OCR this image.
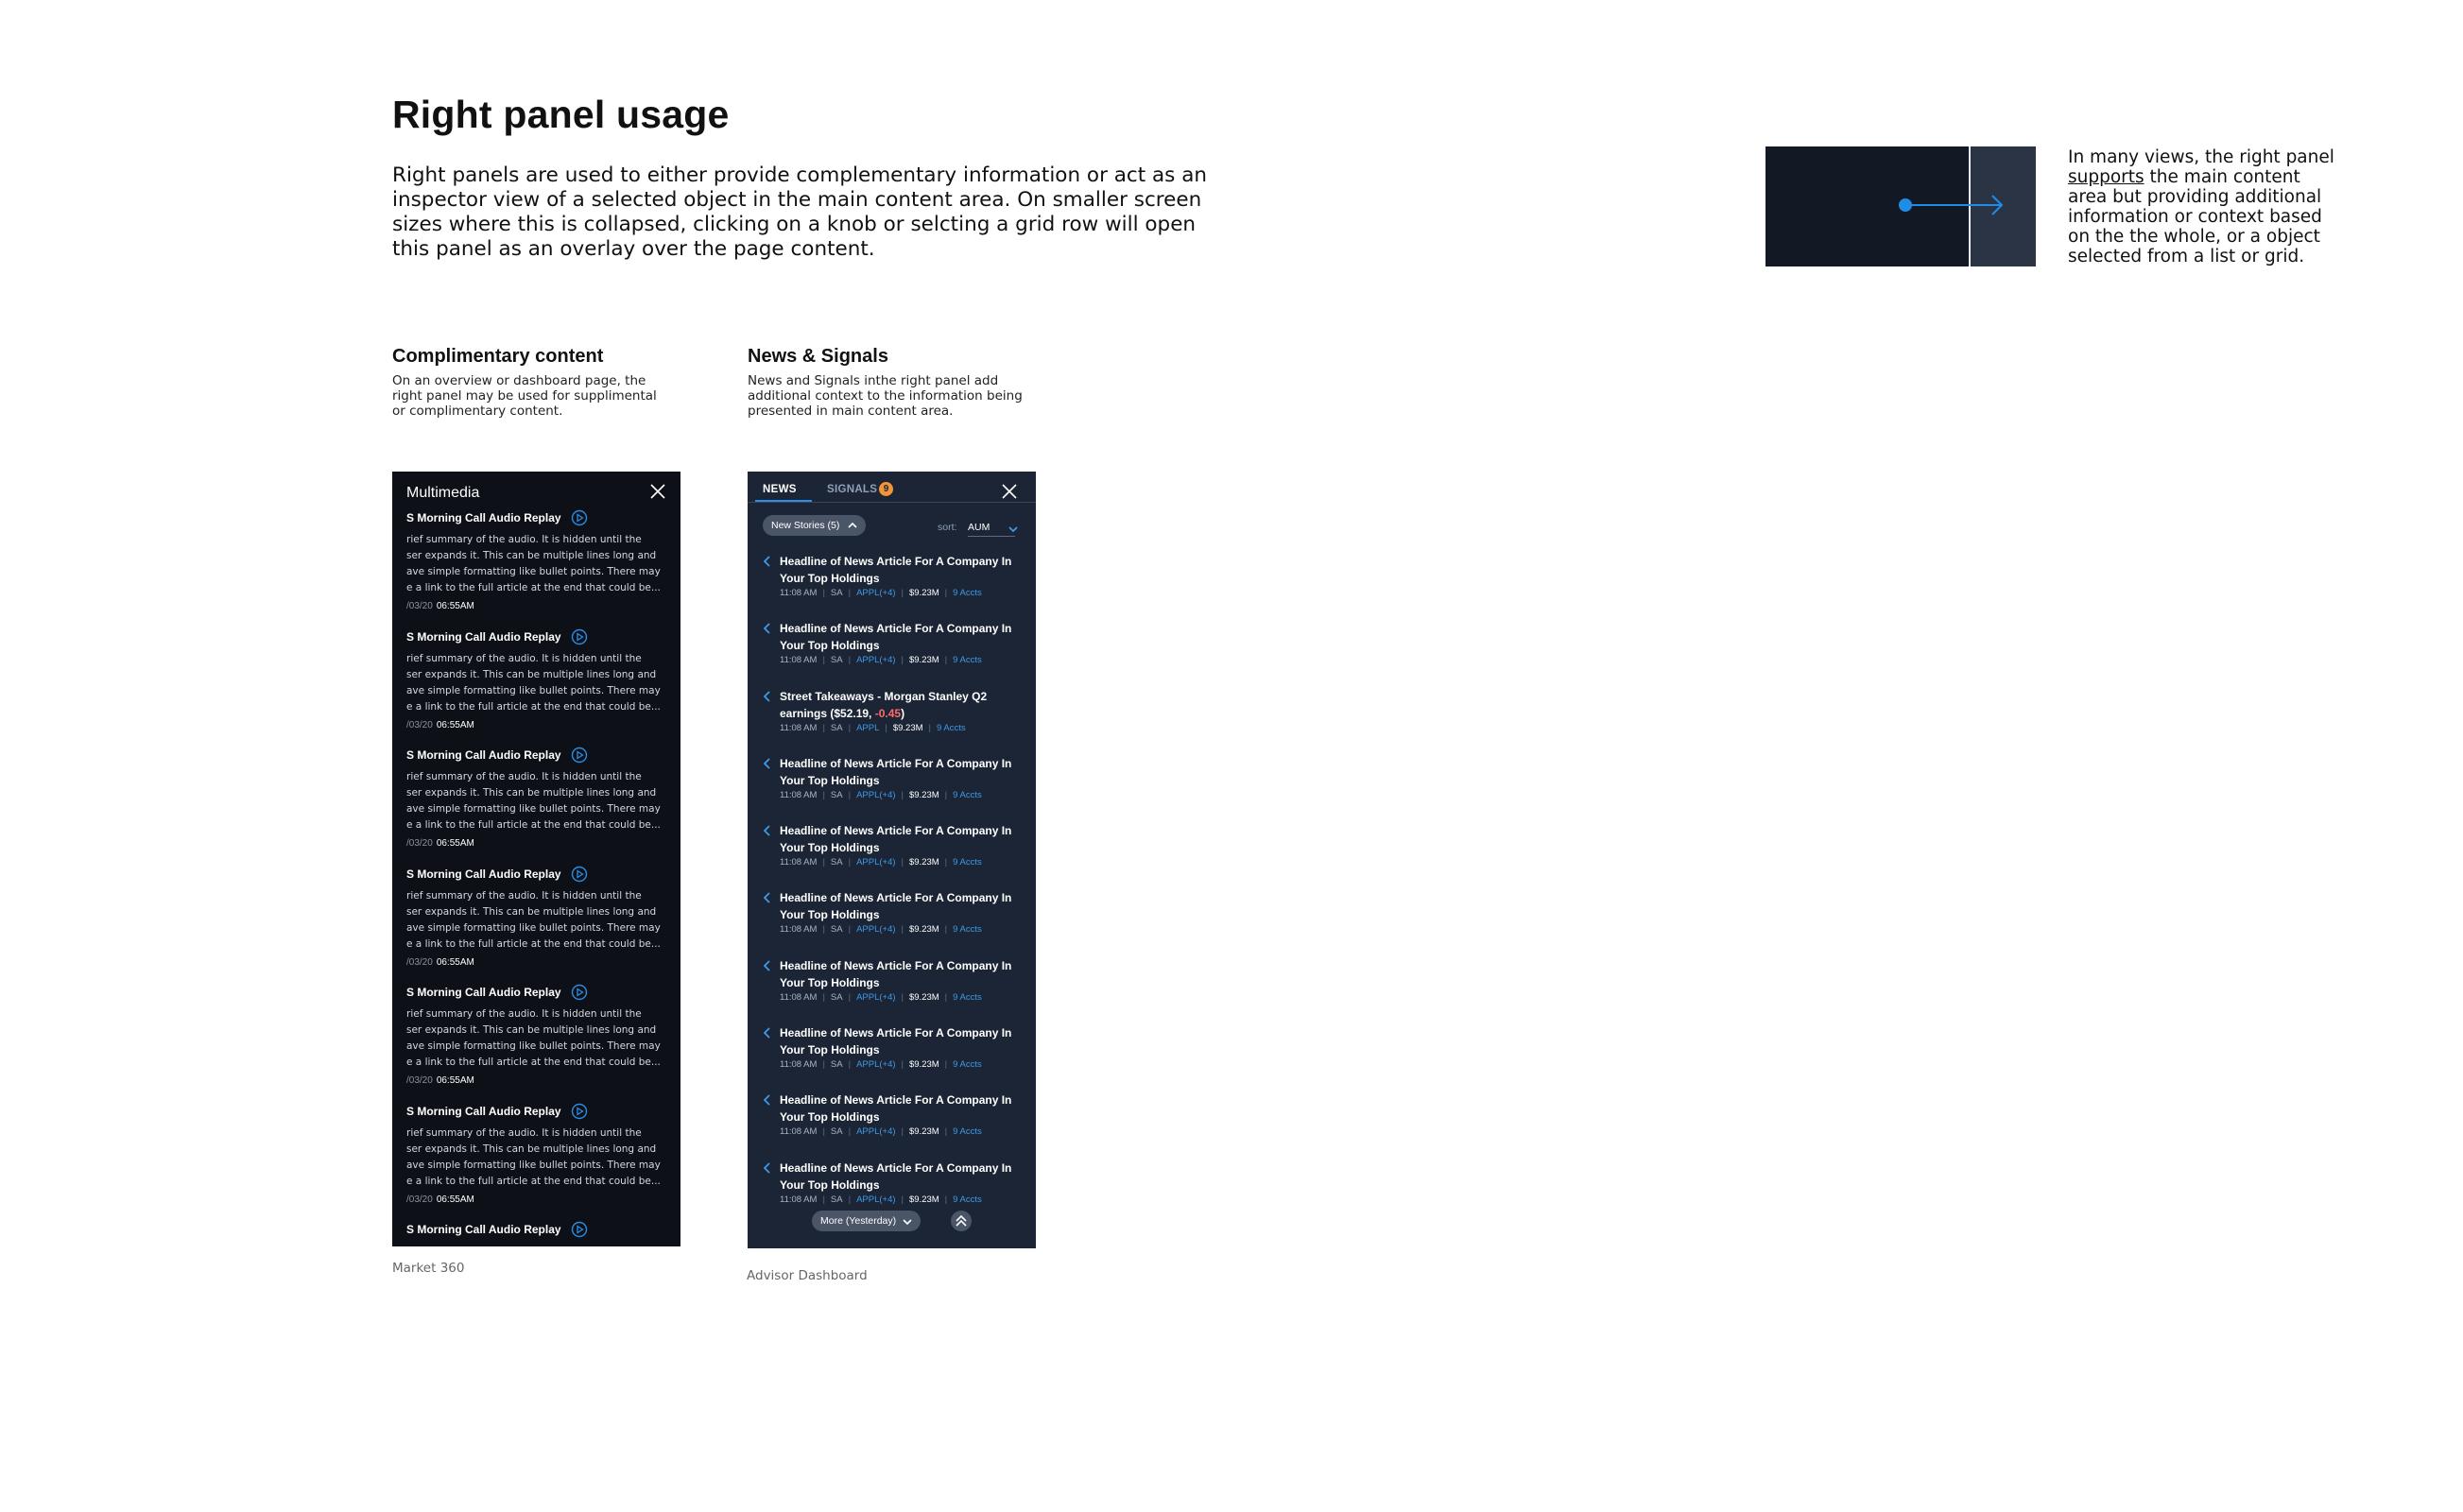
Right panel usage
Right panels are used to either provide complementary information or act as an
inspector view of a selected object in the main content area. On smaller screen
sizes where this is collapsed, clicking on a knob or selcting a grid row will open
this panel as an overlay over the page content.

In many views, the right panel supports the main content area but providing additional information or context based on the the whole, or a object selected from a list or grid.

Complimentary content
On an overview or dashboard page, the
right panel may be used for supplimental
or complimentary content.
News & Signals
News and Signals inthe right panel add
additional context to the information being
presented in main content area.
Multimedia
S Morning Call Audio Replay
rief summary of the audio. It is hidden until the
ser expands it. This can be multiple lines long and
ave simple formatting like bullet points. There may
e a link to the full article at the end that could be...
/03/20 06:55AM
S Morning Call Audio Replay
rief summary of the audio. It is hidden until the
ser expands it. This can be multiple lines long and
ave simple formatting like bullet points. There may
e a link to the full article at the end that could be...
/03/20 06:55AM
S Morning Call Audio Replay
rief summary of the audio. It is hidden until the
ser expands it. This can be multiple lines long and
ave simple formatting like bullet points. There may
e a link to the full article at the end that could be...
/03/20 06:55AM
S Morning Call Audio Replay
rief summary of the audio. It is hidden until the
ser expands it. This can be multiple lines long and
ave simple formatting like bullet points. There may
e a link to the full article at the end that could be...
/03/20 06:55AM
S Morning Call Audio Replay
rief summary of the audio. It is hidden until the
ser expands it. This can be multiple lines long and
ave simple formatting like bullet points. There may
e a link to the full article at the end that could be...
/03/20 06:55AM
S Morning Call Audio Replay
rief summary of the audio. It is hidden until the
ser expands it. This can be multiple lines long and
ave simple formatting like bullet points. There may
e a link to the full article at the end that could be...
/03/20 06:55AM
S Morning Call Audio Replay
Market 360
NEWS	SIGNALS 9
New Stories (5)	sort: AUM
Headline of News Article For A Company In Your Top Holdings
11:08 AM | SA | APPL(+4) | $9.23M | 9 Accts
Headline of News Article For A Company In Your Top Holdings
11:08 AM | SA | APPL(+4) | $9.23M | 9 Accts
Street Takeaways - Morgan Stanley Q2 earnings ($52.19, -0.45)
11:08 AM | SA | APPL | $9.23M | 9 Accts
Headline of News Article For A Company In Your Top Holdings
11:08 AM | SA | APPL(+4) | $9.23M | 9 Accts
Headline of News Article For A Company In Your Top Holdings
11:08 AM | SA | APPL(+4) | $9.23M | 9 Accts
Headline of News Article For A Company In Your Top Holdings
11:08 AM | SA | APPL(+4) | $9.23M | 9 Accts
Headline of News Article For A Company In Your Top Holdings
11:08 AM | SA | APPL(+4) | $9.23M | 9 Accts
Headline of News Article For A Company In Your Top Holdings
11:08 AM | SA | APPL(+4) | $9.23M | 9 Accts
Headline of News Article For A Company In Your Top Holdings
11:08 AM | SA | APPL(+4) | $9.23M | 9 Accts
Headline of News Article For A Company In Your Top Holdings
11:08 AM | SA | APPL(+4) | $9.23M | 9 Accts
More (Yesterday)
Advisor Dashboard
